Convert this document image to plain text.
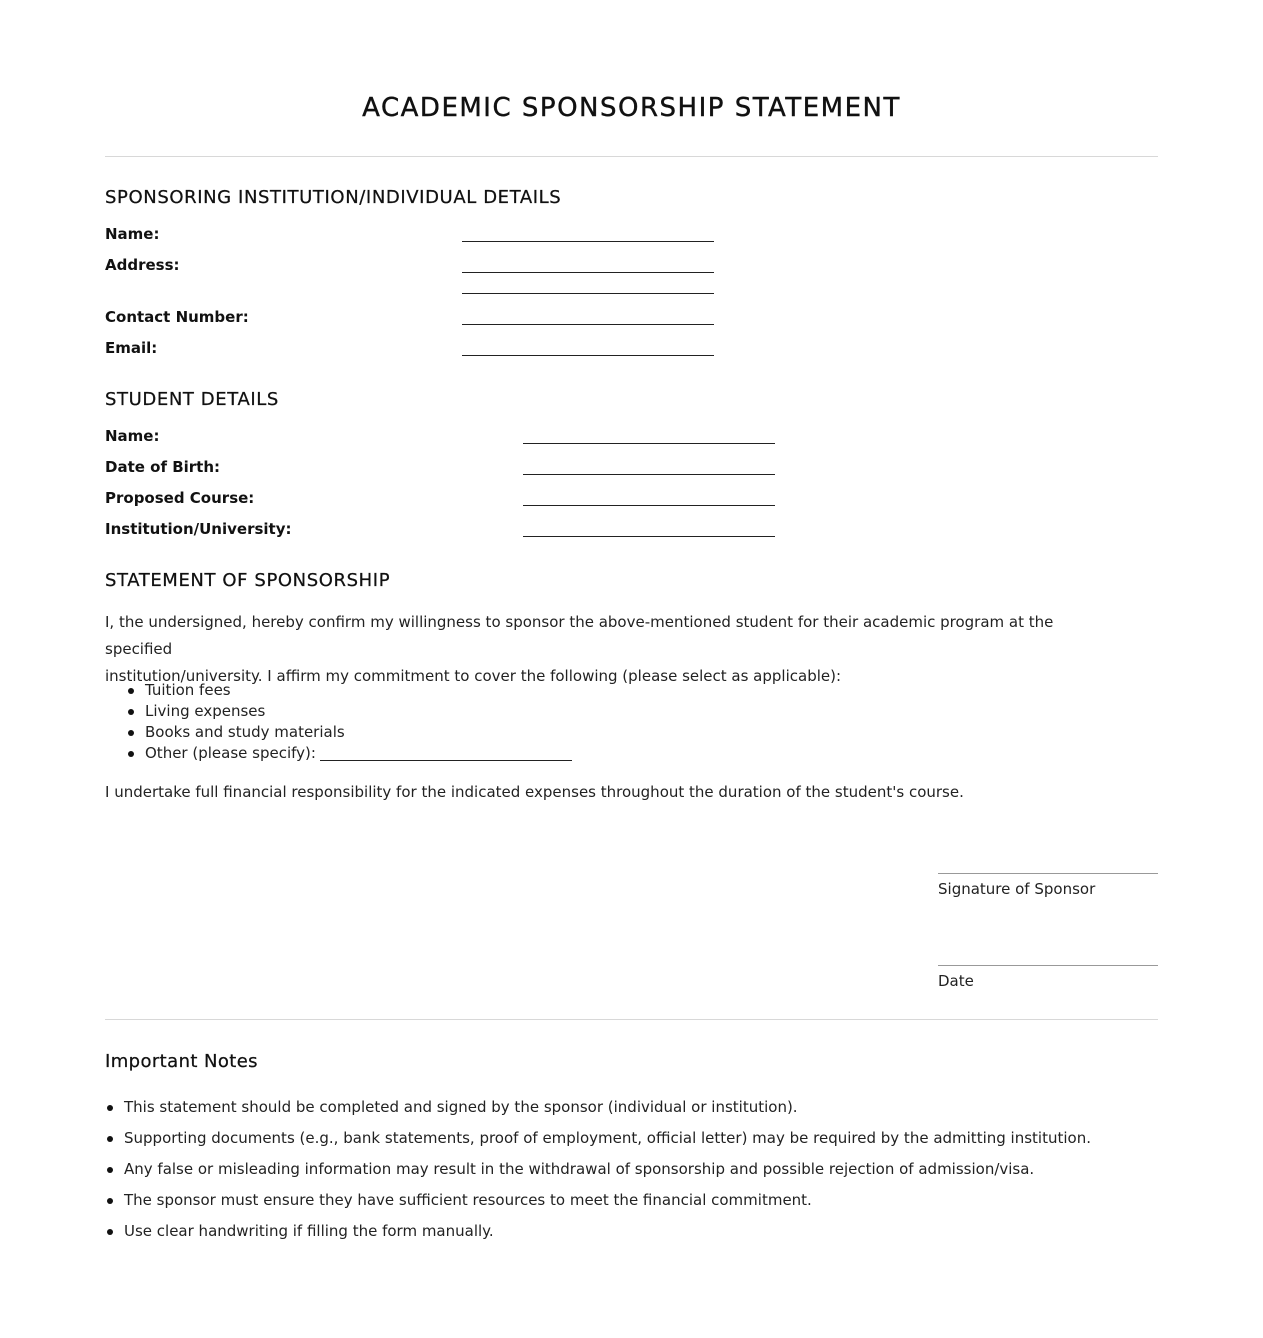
ACADEMIC SPONSORSHIP STATEMENT
SPONSORING INSTITUTION/INDIVIDUAL DETAILS
Name:
Address:
Contact Number:
Email:
STUDENT DETAILS
Name:
Date of Birth:
Proposed Course:
Institution/University:
STATEMENT OF SPONSORSHIP

I, the undersigned, hereby confirm my willingness to sponsor the above-mentioned student for their academic program at the specified
institution/university. I affirm my commitment to cover the following (please select as applicable):

Tuition fees
Living expenses
Books and study materials
Other (please specify):

I undertake full financial responsibility for the indicated expenses throughout the duration of the student's course.

Signature of Sponsor
Date
Important Notes
This statement should be completed and signed by the sponsor (individual or institution).
Supporting documents (e.g., bank statements, proof of employment, official letter) may be required by the admitting institution.
Any false or misleading information may result in the withdrawal of sponsorship and possible rejection of admission/visa.
The sponsor must ensure they have sufficient resources to meet the financial commitment.
Use clear handwriting if filling the form manually.
